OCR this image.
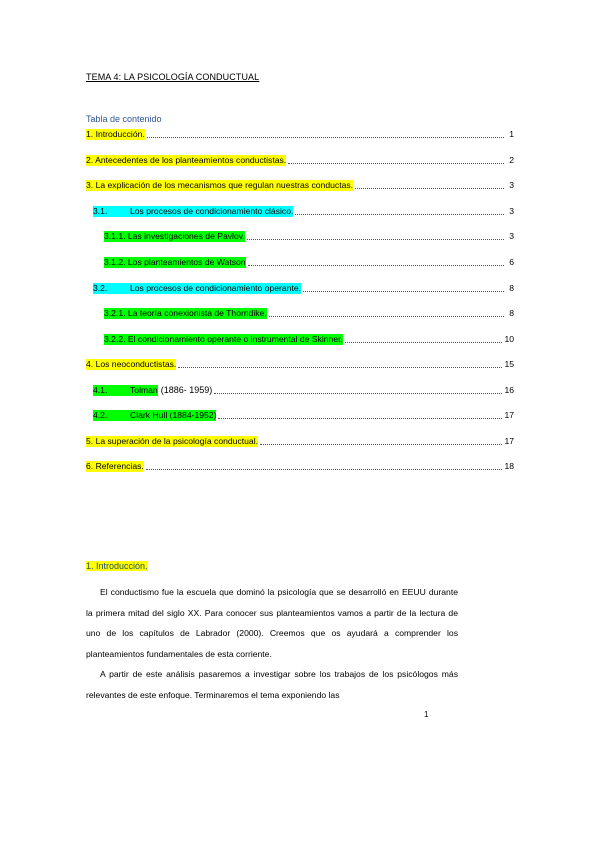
TEMA 4: LA PSICOLOGÍA CONDUCTUAL
Tabla de contenido
1. Introducción.	1
2. Antecedentes de los planteamientos conductistas.	2
3. La explicación de los mecanismos que regulan nuestras conductas.	3
3.1.	Los procesos de condicionamiento clásico.	3
3.1.1. Las investigaciones de Pavlov.	3
3.1.2. Los planteamientos de Watson	6
3.2.	Los procesos de condicionamiento operante.	8
3.2.1. La teoría conexionista de Thorndike.	8
3.2.2. El condicionamiento operante o instrumental de Skinner.	10
4. Los neoconductistas.	15
4.1.	Tolman (1886- 1959)	16
4.2.	Clark Hull (1884-1952)	17
5. La superación de la psicología conductual.	17
6. Referencias.	18
1. Introducción.
El conductismo fue la escuela que dominó la psicología que se desarrolló en EEUU durante la primera mitad del siglo XX. Para conocer sus planteamientos vamos a partir de la lectura de uno de los capítulos de Labrador (2000). Creemos que os ayudará a comprender los planteamientos fundamentales de esta corriente.
A partir de este análisis pasaremos a investigar sobre los trabajos de los psicólogos más relevantes de este enfoque. Terminaremos el tema exponiendo las
1
